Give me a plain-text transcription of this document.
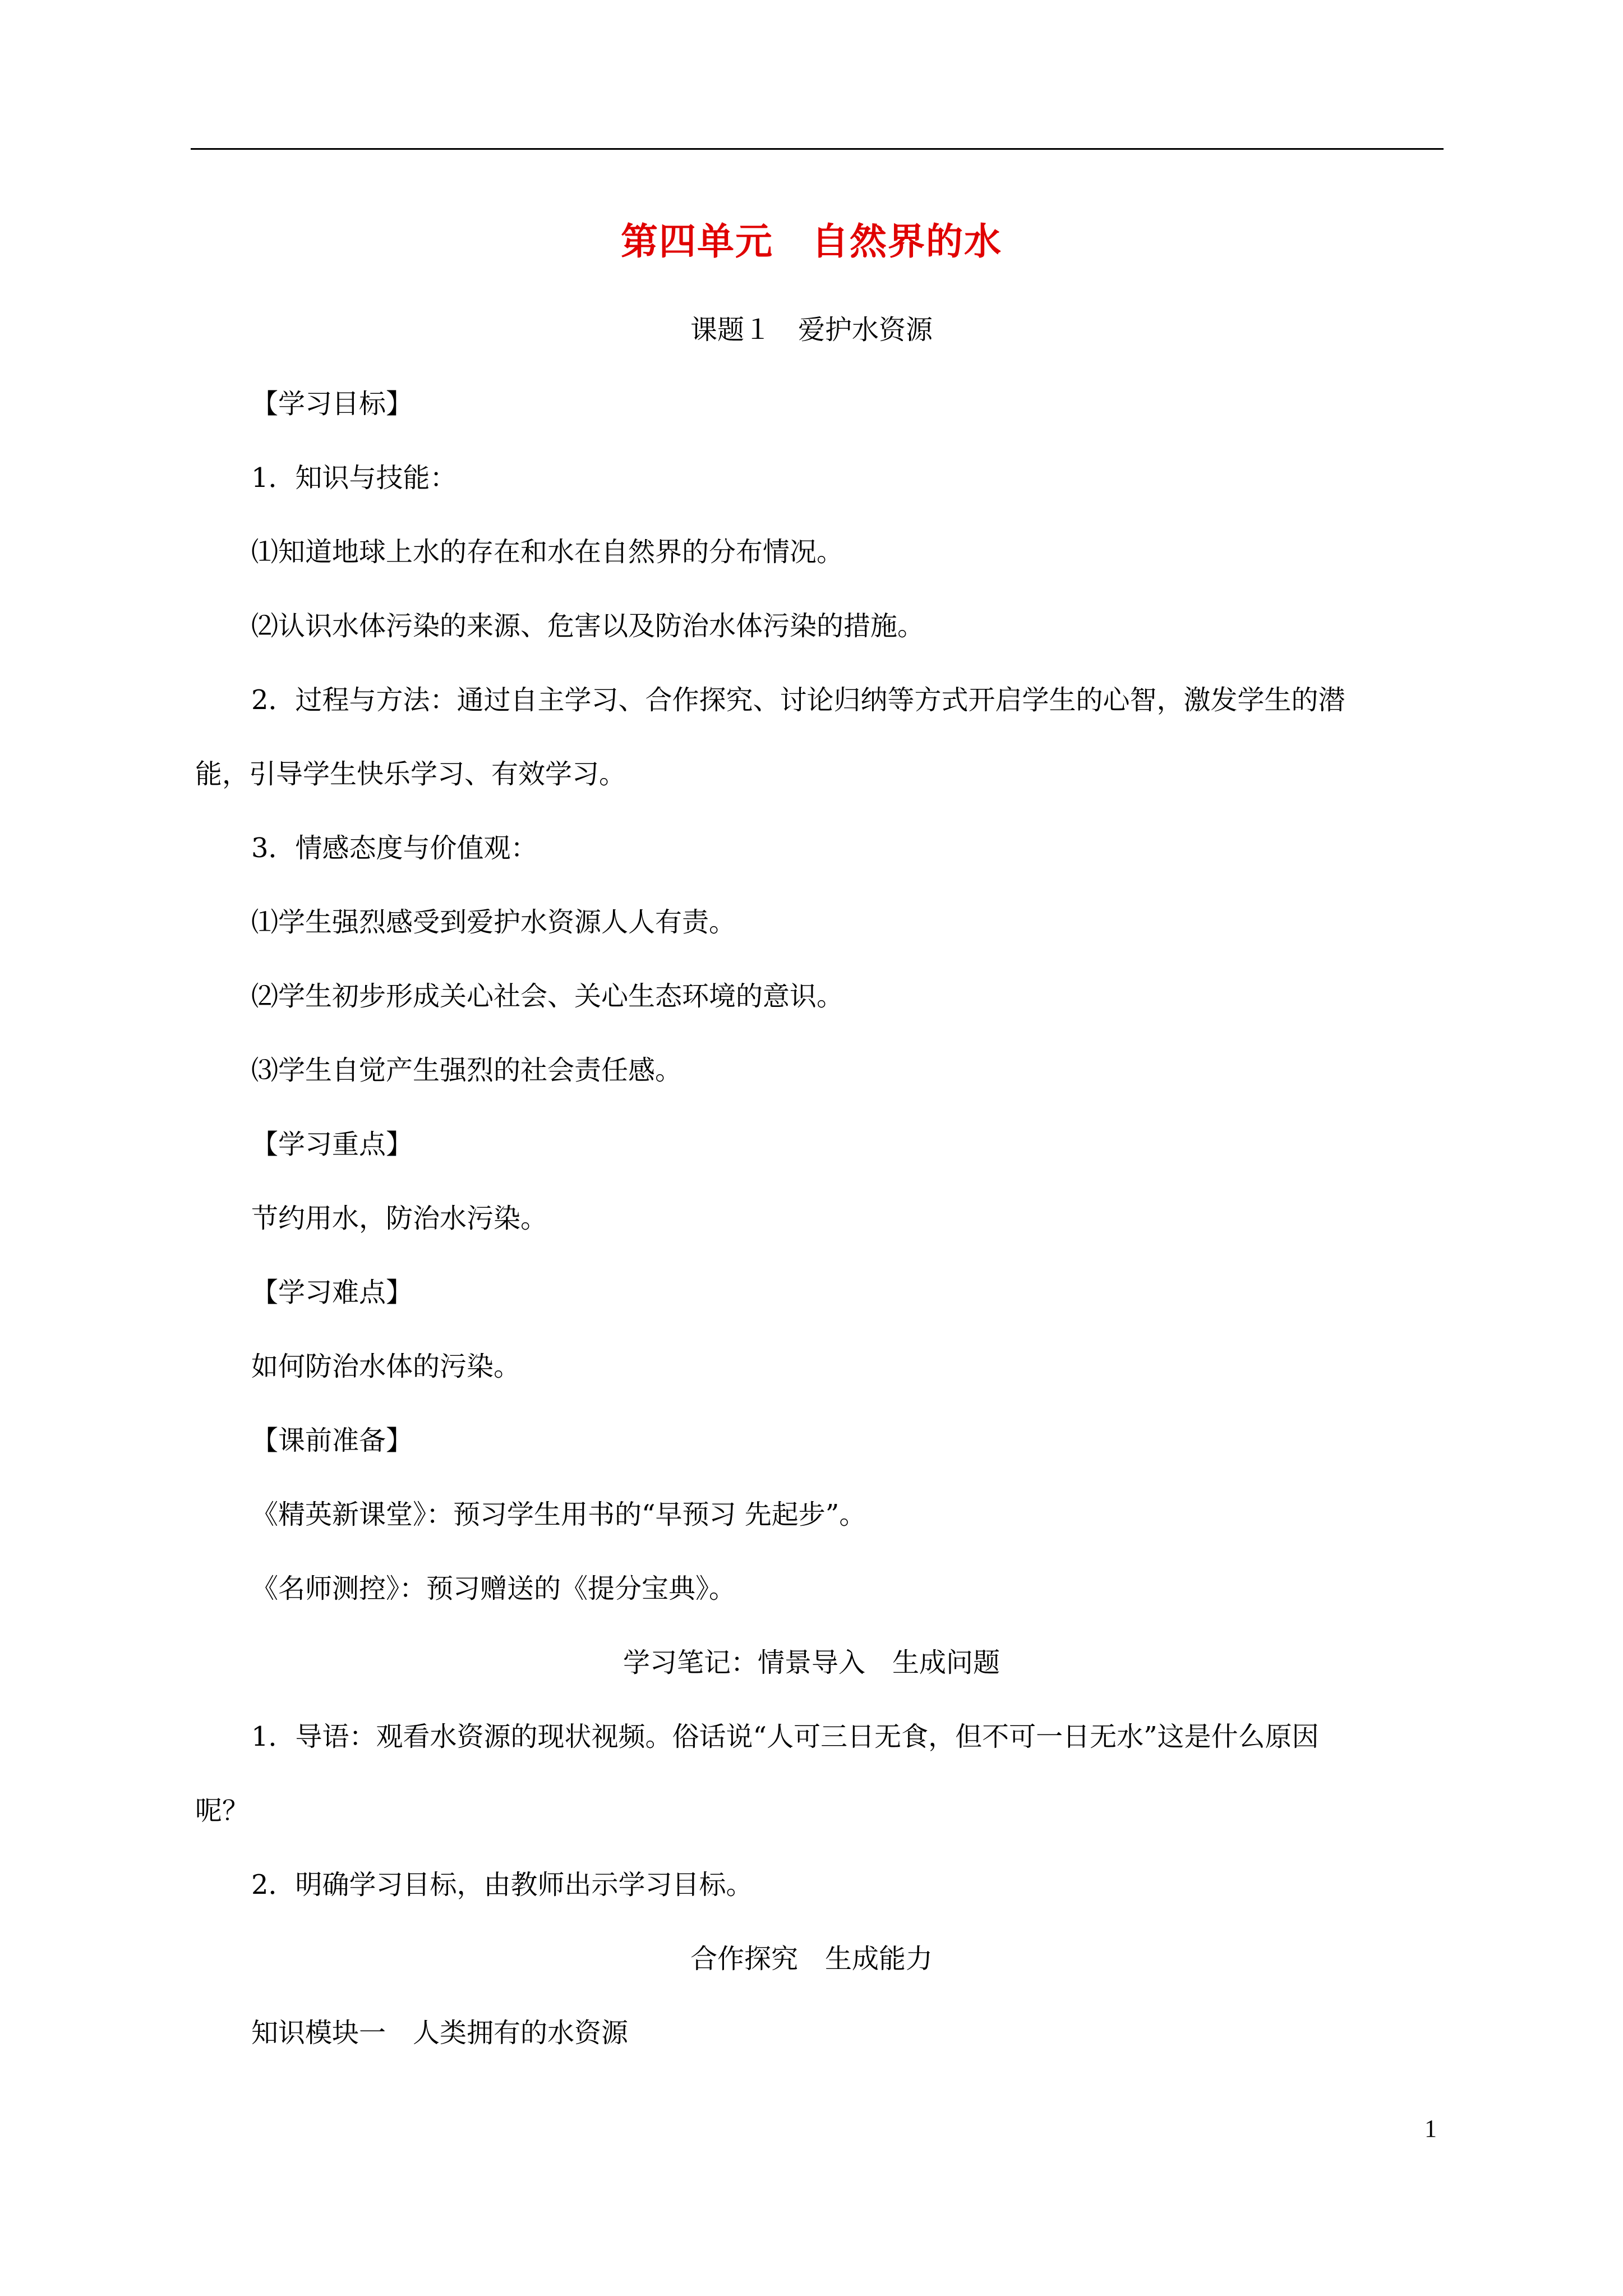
第四单元　自然界的水
课题１　爱护水资源
【学习目标】
1．知识与技能：
⑴知道地球上水的存在和水在自然界的分布情况。
⑵认识水体污染的来源、危害以及防治水体污染的措施。
2．过程与方法：通过自主学习、合作探究、讨论归纳等方式开启学生的心智，激发学生的潜
能，引导学生快乐学习、有效学习。
3．情感态度与价值观：
⑴学生强烈感受到爱护水资源人人有责。
⑵学生初步形成关心社会、关心生态环境的意识。
⑶学生自觉产生强烈的社会责任感。
【学习重点】
节约用水，防治水污染。
【学习难点】
如何防治水体的污染。
【课前准备】
《精英新课堂》：预习学生用书的“早预习 先起步”。
《名师测控》：预习赠送的《提分宝典》。
学习笔记：情景导入　生成问题
1．导语：观看水资源的现状视频。俗话说“人可三日无食，但不可一日无水”这是什么原因
呢？
2．明确学习目标，由教师出示学习目标。
合作探究　生成能力
知识模块一　人类拥有的水资源
1
